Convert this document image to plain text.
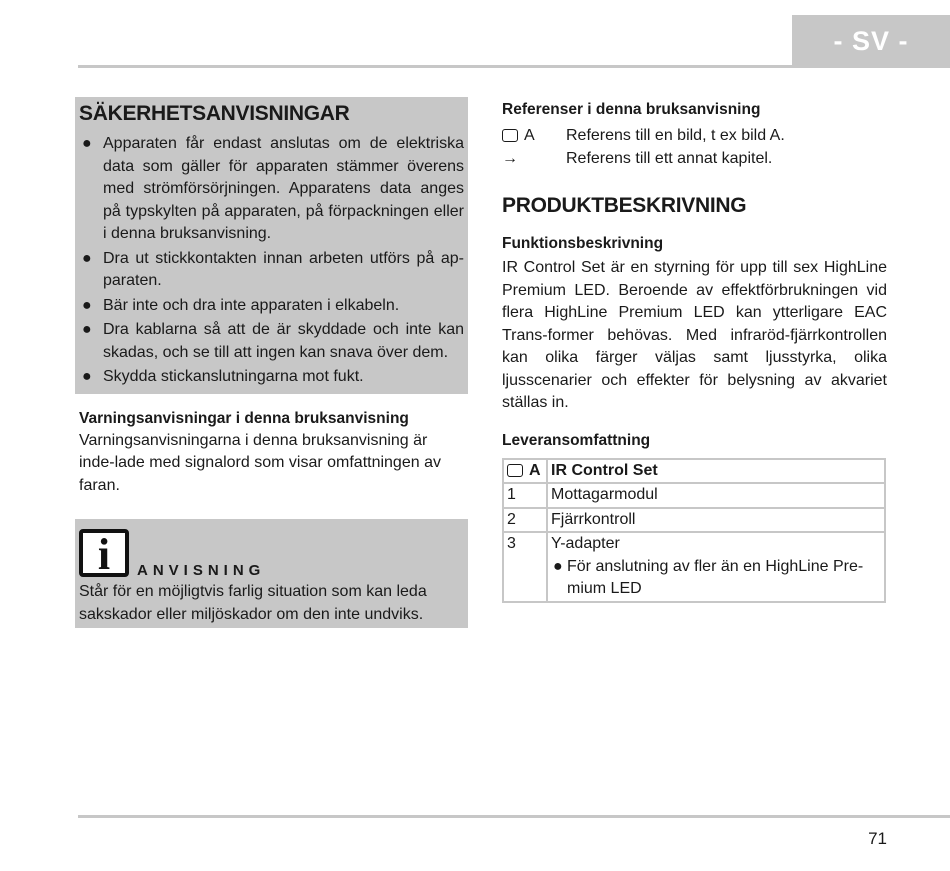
- SV -
SÄKERHETSANVISNINGAR
● Apparaten får endast anslutas om de elektriska data som gäller för apparaten stämmer överens med strömförsörjningen. Apparatens data anges på typskylten på apparaten, på förpackningen eller i denna bruksanvisning.
● Dra ut stickkontakten innan arbeten utförs på ap-paraten.
● Bär inte och dra inte apparaten i elkabeln.
● Dra kablarna så att de är skyddade och inte kan skadas, och se till att ingen kan snava över dem.
● Skydda stickanslutningarna mot fukt.
Varningsanvisningar i denna bruksanvisning
Varningsanvisningarna i denna bruksanvisning är inde-lade med signalord som visar omfattningen av faran.
i	ANVISNING
Står för en möjligtvis farlig situation som kan leda sakskador eller miljöskador om den inte undviks.
Referenser i denna bruksanvisning
A Referens till en bild, t ex bild A.
→	Referens till ett annat kapitel.
PRODUKTBESKRIVNING
Funktionsbeskrivning
IR Control Set är en styrning för upp till sex HighLine Premium LED. Beroende av effektförbrukningen vid flera HighLine Premium LED kan ytterligare EAC Trans-former behövas. Med infraröd-fjärrkontrollen kan olika färger väljas samt ljusstyrka, olika ljusscenarier och effekter för belysning av akvariet ställas in.
Leveransomfattning
A	IR Control Set

1	Mottagarmodul
2	Fjärrkontroll
3	Y-adapter
● För anslutning av fler än en HighLine Pre-mium LED
71
